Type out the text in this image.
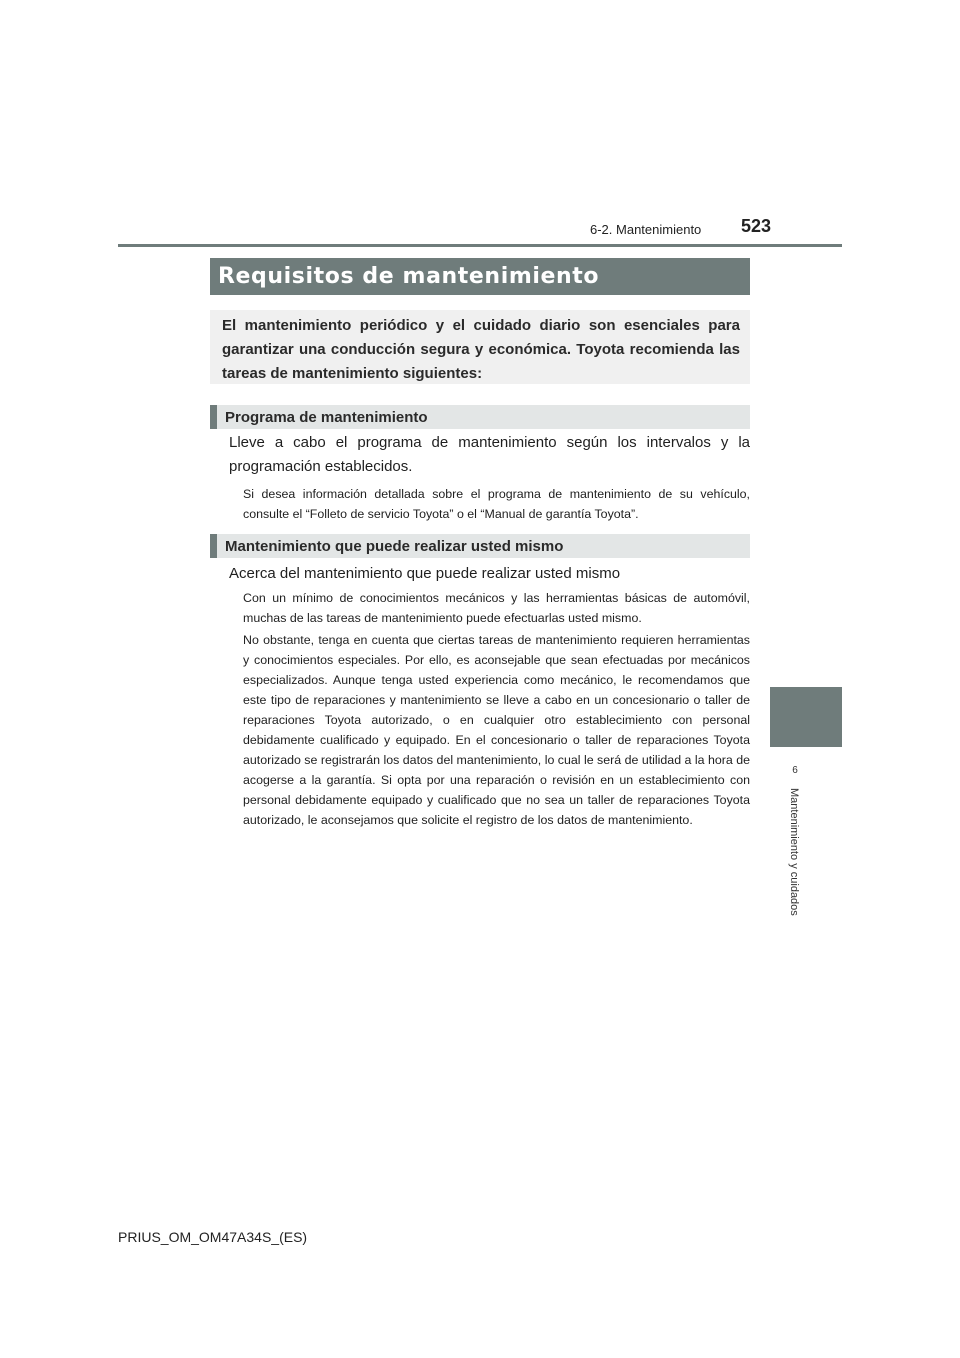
6-2. Mantenimiento 523
Requisitos de mantenimiento

El mantenimiento periódico y el cuidado diario son esenciales para garantizar una conducción segura y económica. Toyota recomienda las tareas de mantenimiento siguientes:

Programa de mantenimiento

Lleve a cabo el programa de mantenimiento según los intervalos y la programación establecidos.

Si desea información detallada sobre el programa de mantenimiento de su vehículo, consulte el “Folleto de servicio Toyota” o el “Manual de garantía Toyota”.

Mantenimiento que puede realizar usted mismo

Acerca del mantenimiento que puede realizar usted mismo

Con un mínimo de conocimientos mecánicos y las herramientas básicas de automóvil, muchas de las tareas de mantenimiento puede efectuarlas usted mismo.

No obstante, tenga en cuenta que ciertas tareas de mantenimiento requieren herramientas y conocimientos especiales. Por ello, es aconsejable que sean efectuadas por mecánicos especializados. Aunque tenga usted experiencia como mecánico, le recomendamos que este tipo de reparaciones y mantenimiento se lleve a cabo en un concesionario o taller de reparaciones Toyota autorizado, o en cualquier otro establecimiento con personal debidamente cualificado y equipado. En el concesionario o taller de reparaciones Toyota autorizado se registrarán los datos del mantenimiento, lo cual le será de utilidad a la hora de acogerse a la garantía. Si opta por una reparación o revisión en un establecimiento con personal debidamente equipado y cualificado que no sea un taller de reparaciones Toyota autorizado, le aconsejamos que solicite el registro de los datos de mantenimiento.

6
Mantenimiento y cuidados
PRIUS_OM_OM47A34S_(ES)
